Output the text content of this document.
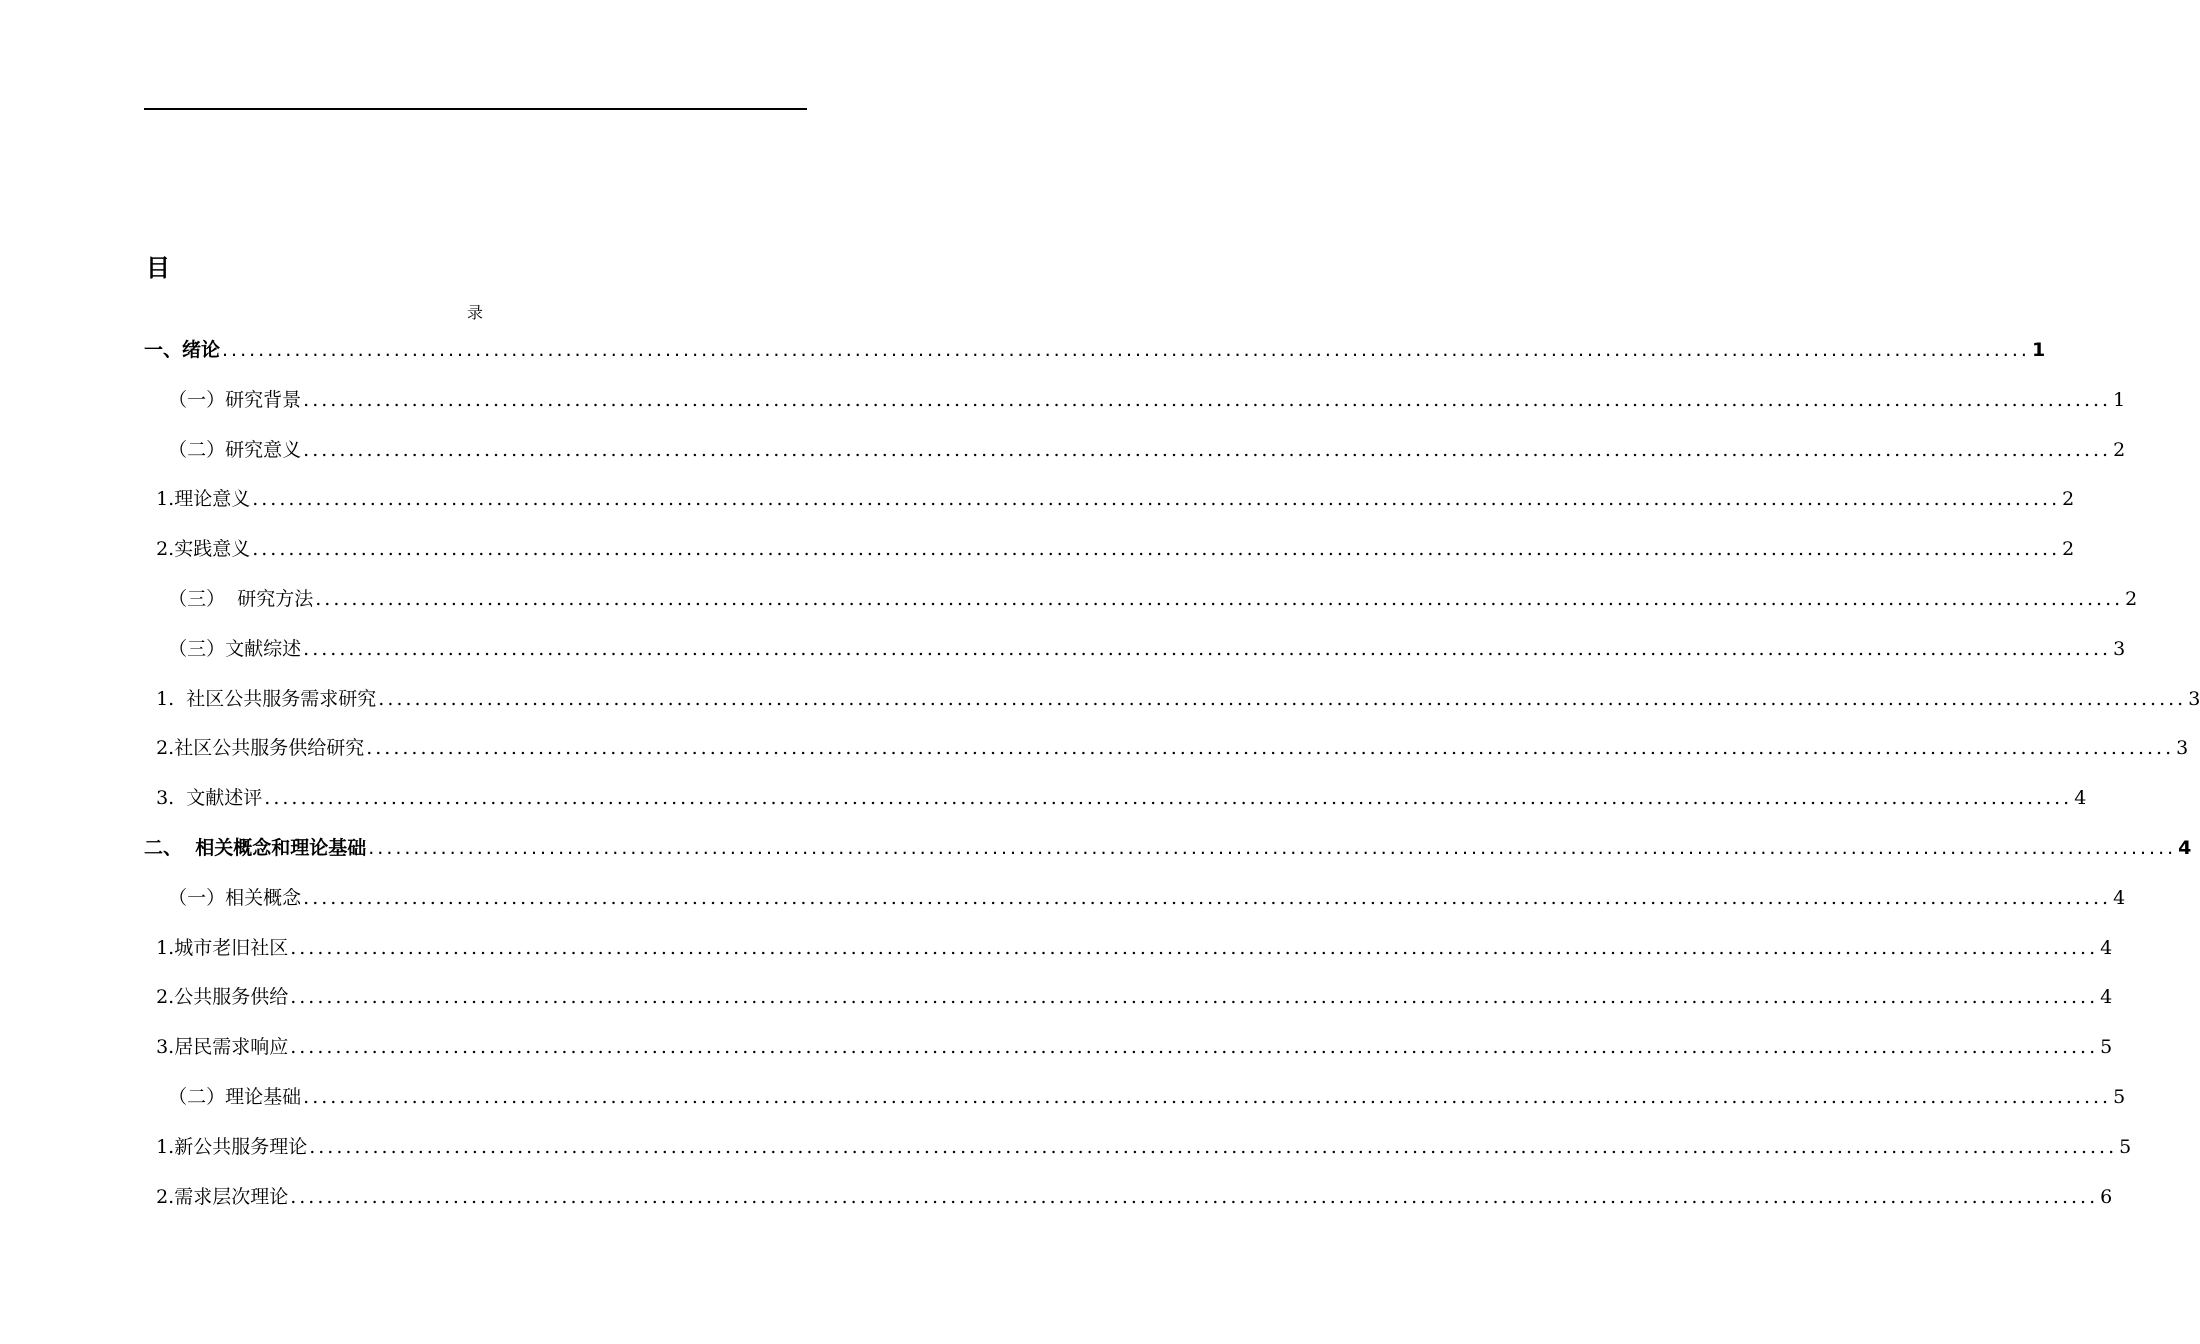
目
录
一、绪论 ........................................................................................................................................................................................................ 1
（一）研究背景 ........................................................................................................................................................................................................ 1
（二）研究意义 ........................................................................................................................................................................................................ 2
1.理论意义 ........................................................................................................................................................................................................ 2
2.实践意义 ........................................................................................................................................................................................................ 2
（三）  研究方法 ........................................................................................................................................................................................................ 2
（三）文献综述 ........................................................................................................................................................................................................ 3
1.  社区公共服务需求研究 ........................................................................................................................................................................................................ 3
2.社区公共服务供给研究 ........................................................................................................................................................................................................ 3
3.  文献述评 ........................................................................................................................................................................................................ 4
二、  相关概念和理论基础 ........................................................................................................................................................................................................ 4
（一）相关概念 ........................................................................................................................................................................................................ 4
1.城市老旧社区 ........................................................................................................................................................................................................ 4
2.公共服务供给 ........................................................................................................................................................................................................ 4
3.居民需求响应 ........................................................................................................................................................................................................ 5
（二）理论基础 ........................................................................................................................................................................................................ 5
1.新公共服务理论 ........................................................................................................................................................................................................ 5
2.需求层次理论 ........................................................................................................................................................................................................ 6
